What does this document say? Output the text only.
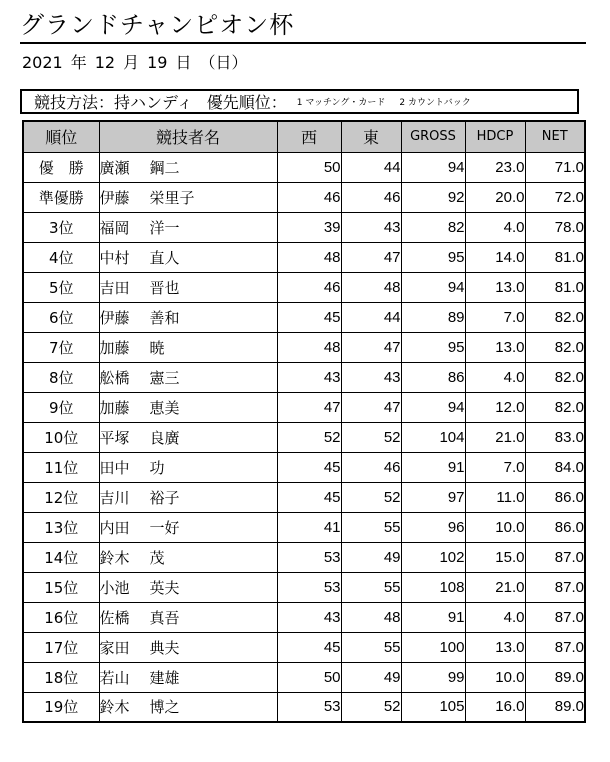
グランドチャンピオン杯
2021 年 12 月 19 日 （日）
競技方法： 持ハンディ 優先順位： 1 マッチング・カード 2 カウントバック
順位	競技者名	西	東	GROSS	HDCP	NET
優　勝	廣瀬 鋼二	50	44	94	23.0	71.0
準優勝	伊藤 栄里子	46	46	92	20.0	72.0
3位	福岡 洋一	39	43	82	4.0	78.0
4位	中村 直人	48	47	95	14.0	81.0
5位	吉田 晋也	46	48	94	13.0	81.0
6位	伊藤 善和	45	44	89	7.0	82.0
7位	加藤 暁	48	47	95	13.0	82.0
8位	舩橋 憲三	43	43	86	4.0	82.0
9位	加藤 恵美	47	47	94	12.0	82.0
10位	平塚 良廣	52	52	104	21.0	83.0
11位	田中 功	45	46	91	7.0	84.0
12位	吉川 裕子	45	52	97	11.0	86.0
13位	内田 一好	41	55	96	10.0	86.0
14位	鈴木 茂	53	49	102	15.0	87.0
15位	小池 英夫	53	55	108	21.0	87.0
16位	佐橋 真吾	43	48	91	4.0	87.0
17位	家田 典夫	45	55	100	13.0	87.0
18位	若山 建雄	50	49	99	10.0	89.0
19位	鈴木 博之	53	52	105	16.0	89.0
